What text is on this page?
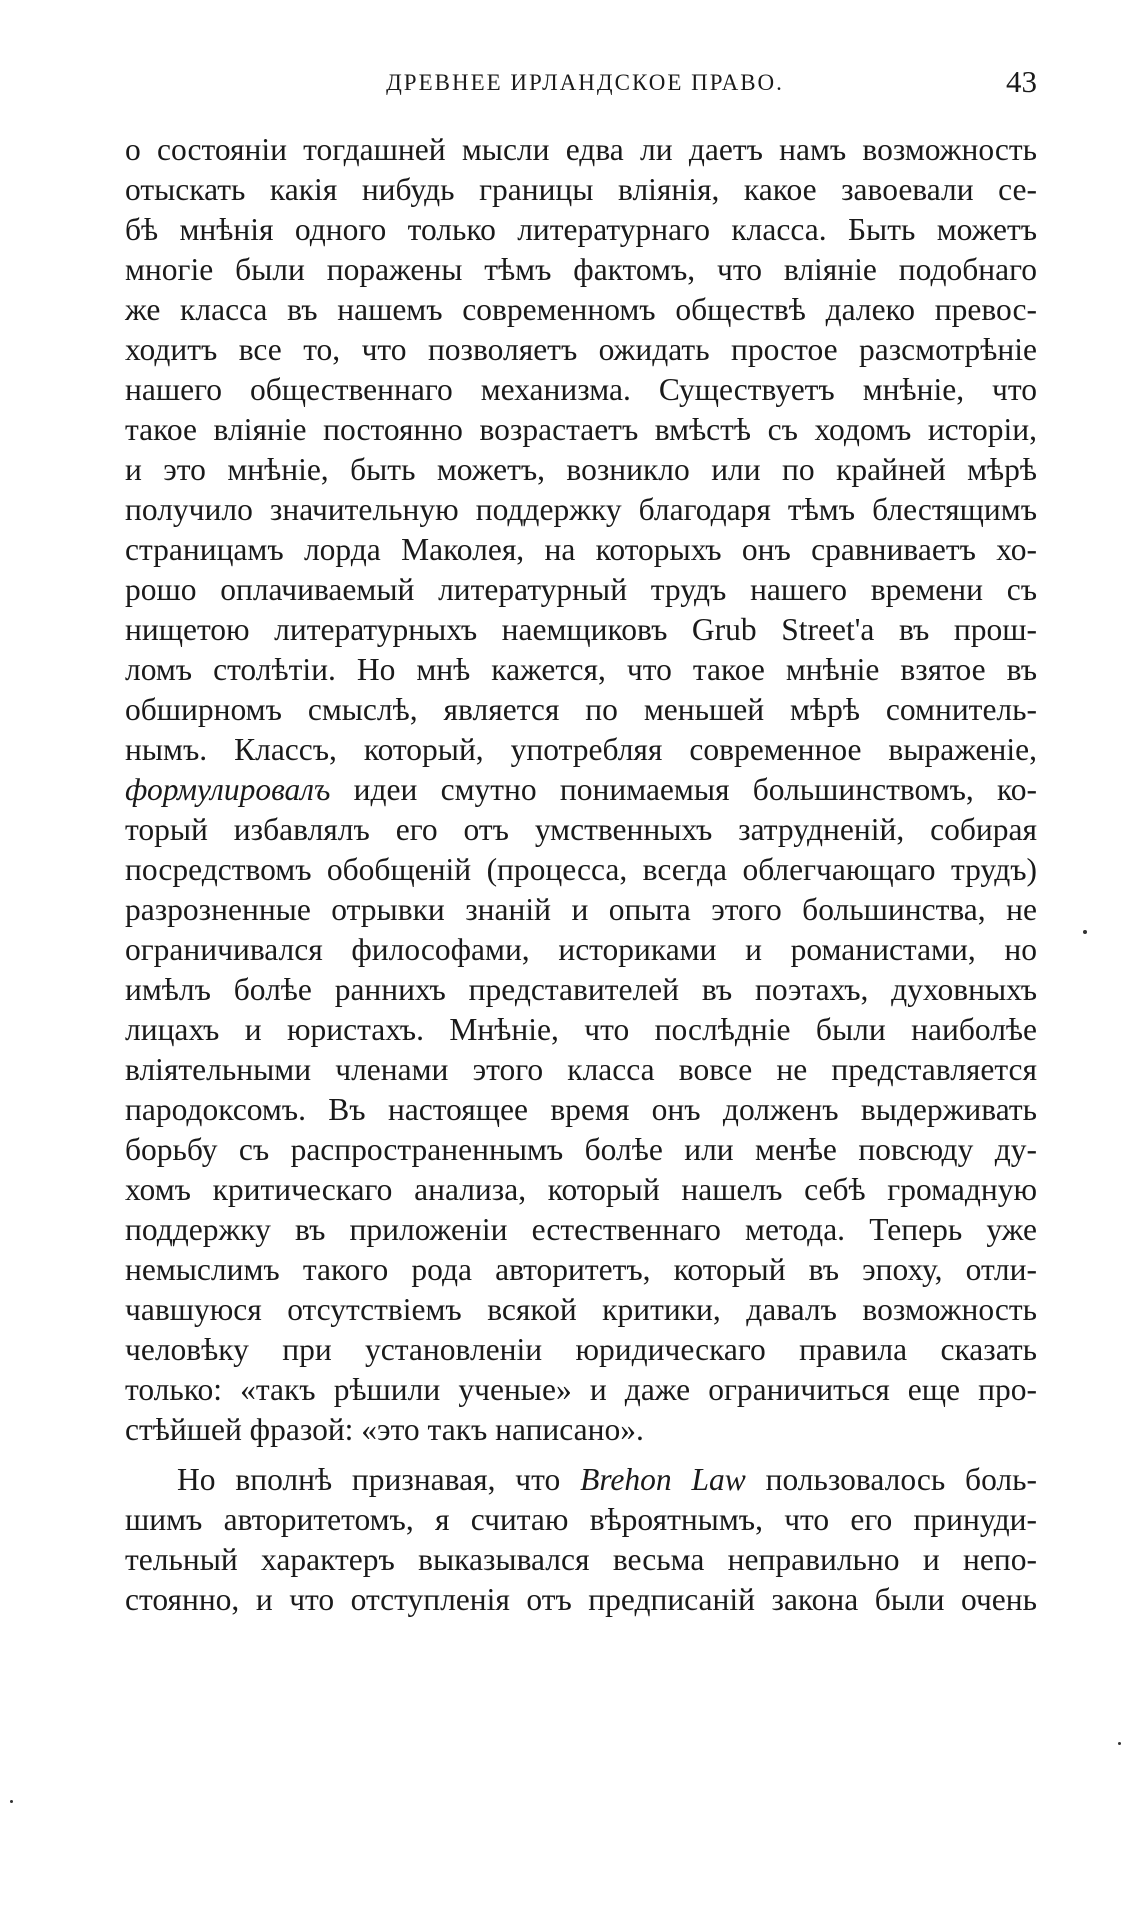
ДРЕВНЕЕ ИРЛАНДСКОЕ ПРАВО.	43
о состояніи тогдашней мысли едва ли даетъ намъ возможность
отыскать какія нибудь границы вліянія, какое завоевали се-
бѣ мнѣнія одного только литературнаго класса. Быть можетъ
многіе были поражены тѣмъ фактомъ, что вліяніе подобнаго
же класса въ нашемъ современномъ обществѣ далеко превос-
ходитъ все то, что позволяетъ ожидать простое разсмотрѣніе
нашего общественнаго механизма. Существуетъ мнѣніе, что
такое вліяніе постоянно возрастаетъ вмѣстѣ съ ходомъ исторіи,
и это мнѣніе, быть можетъ, возникло или по крайней мѣрѣ
получило значительную поддержку благодаря тѣмъ блестящимъ
страницамъ лорда Маколея, на которыхъ онъ сравниваетъ хо-
рошо оплачиваемый литературный трудъ нашего времени съ
нищетою литературныхъ наемщиковъ Grub Street'а въ прош-
ломъ столѣтіи. Но мнѣ кажется, что такое мнѣніе взятое въ
обширномъ смыслѣ, является по меньшей мѣрѣ сомнитель-
нымъ. Классъ, который, употребляя современное выраженіе,
формулировалъ идеи смутно понимаемыя большинствомъ, ко-
торый избавлялъ его отъ умственныхъ затрудненій, собирая
посредствомъ обобщеній (процесса, всегда облегчающаго трудъ)
разрозненные отрывки знаній и опыта этого большинства, не
ограничивался философами, историками и романистами, но
имѣлъ болѣе раннихъ представителей въ поэтахъ, духовныхъ
лицахъ и юристахъ. Мнѣніе, что послѣдніе были наиболѣе
вліятельными членами этого класса вовсе не представляется
пародоксомъ. Въ настоящее время онъ долженъ выдерживать
борьбу съ распространеннымъ болѣе или менѣе повсюду ду-
хомъ критическаго анализа, который нашелъ себѣ громадную
поддержку въ приложеніи естественнаго метода. Теперь уже
немыслимъ такого рода авторитетъ, который въ эпоху, отли-
чавшуюся отсутствіемъ всякой критики, давалъ возможность
человѣку при установленіи юридическаго правила сказать
только: «такъ рѣшили ученые» и даже ограничиться еще про-
стѣйшей фразой: «это такъ написано».
Но вполнѣ признавая, что Brehon Law пользовалось боль-
шимъ авторитетомъ, я считаю вѣроятнымъ, что его принуди-
тельный характеръ выказывался весьма неправильно и непо-
стоянно, и что отступленія отъ предписаній закона были очень
